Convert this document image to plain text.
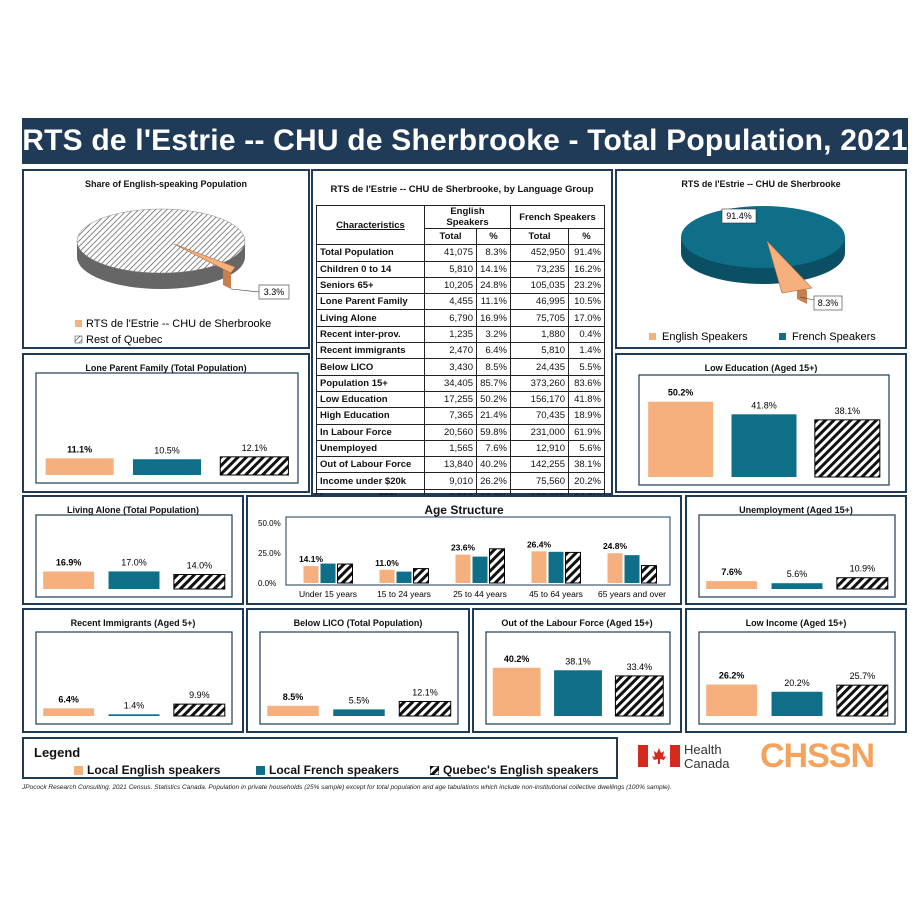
RTS de l'Estrie -- CHU de Sherbrooke - Total Population, 2021
Share of English-speaking Population
3.3%
RTS de l'Estrie -- CHU de Sherbrooke
Rest of Quebec
RTS de l'Estrie -- CHU de Sherbrooke, by Language Group
Characteristics	English Speakers		French Speakers	
	Total	%	Total	%
Total Population	41,075	8.3%	452,950	91.4%
Children 0 to 14	5,810	14.1%	73,235	16.2%
Seniors 65+	10,205	24.8%	105,035	23.2%
Lone Parent Family	4,455	11.1%	46,995	10.5%
Living Alone	6,790	16.9%	75,705	17.0%
Recent inter-prov.	1,235	3.2%	1,880	0.4%
Recent immigrants	2,470	6.4%	5,810	1.4%
Below LICO	3,430	8.5%	24,435	5.5%
Population 15+	34,405	85.7%	373,260	83.6%
Low Education	17,255	50.2%	156,170	41.8%
High Education	7,365	21.4%	70,435	18.9%
In Labour Force	20,560	59.8%	231,000	61.9%
Unemployed	1,565	7.6%	12,910	5.6%
Out of Labour Force	13,840	40.2%	142,255	38.1%
Income under $20k	9,010	26.2%	75,560	20.2%

RTS de l'Estrie -- CHU de Sherbrooke
91.4%
8.3%
English Speakers	French Speakers
Lone Parent Family (Total Population)
11.1%	10.5%	12.1%
Low Education (Aged 15+)
50.2%
41.8%
38.1%
Living Alone (Total Population)
16.9%	17.0%	14.0%
Age Structure
50.0%
25.0%
0.0%
14.1%
Under 15 years
11.0%
15 to 24 years
23.6%
25 to 44 years
26.4%
45 to 64 years
24.8%
65 years and over
Unemployment (Aged 15+)
7.6%	5.6%
10.9%
Recent Immigrants (Aged 5+)
6.4%
1.4%
9.9%
Below LICO (Total Population)
8.5%	5.5%
12.1%
Out of the Labour Force (Aged 15+)
40.2%	38.1%
33.4%
Low Income (Aged 15+)
26.2%
20.2%
25.7%
Legend
Local English speakers	Local French speakers	Quebec's English speakers
Health Canada CHSSN
JPocock Research Consulting. 2021 Census. Statistics Canada. Population in private households (25% sample) except for total population and age tabulations which include non-institutional collective dwellings (100% sample).
